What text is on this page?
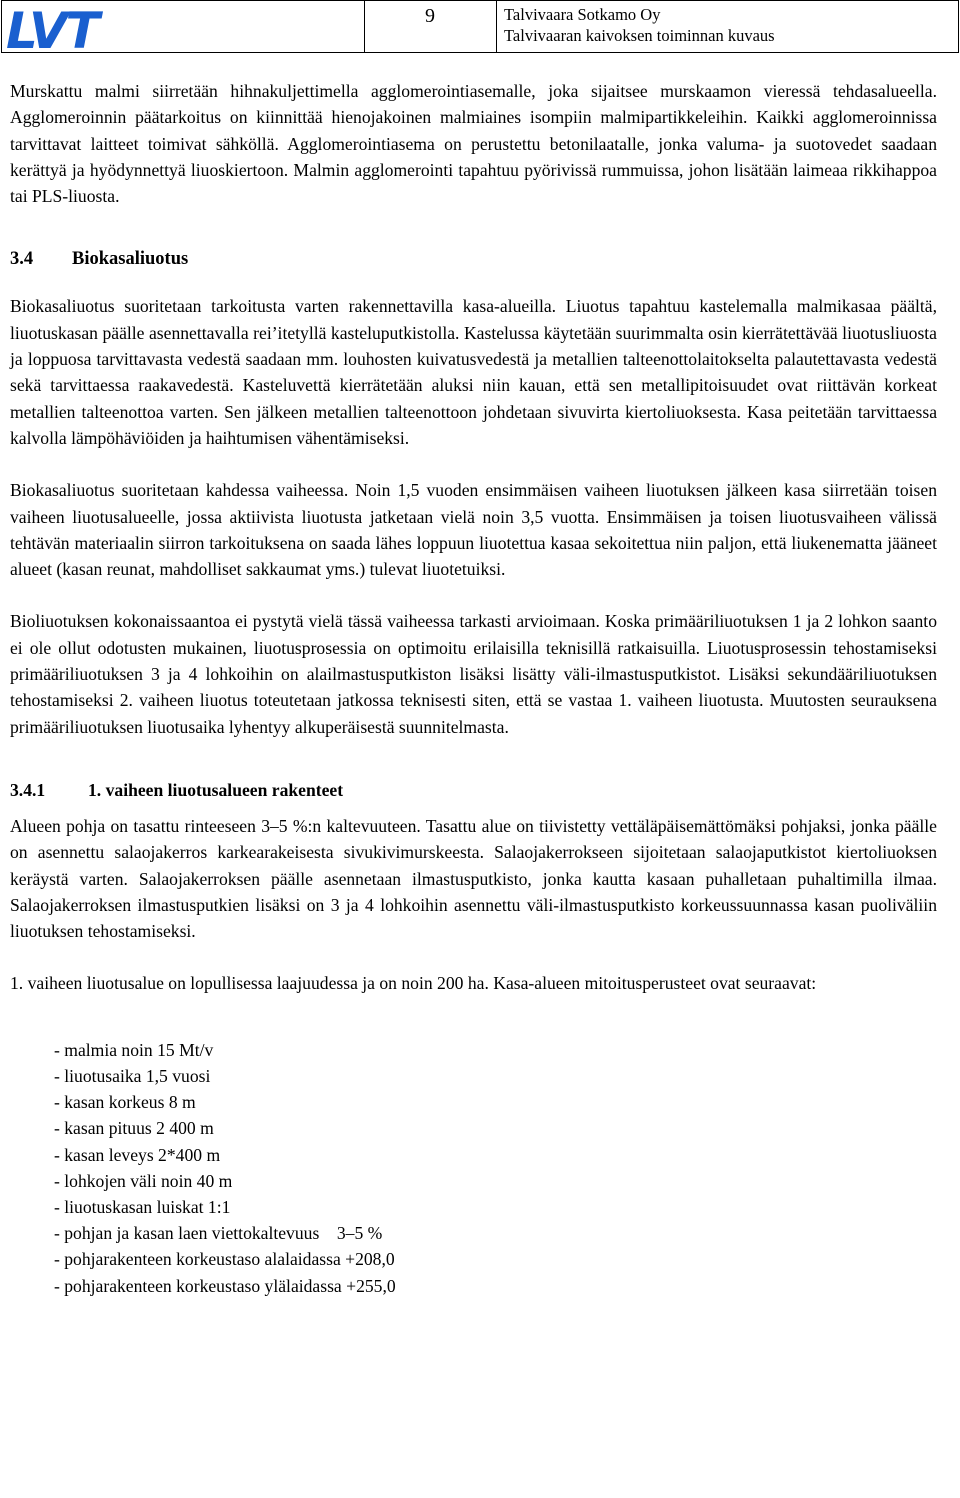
LVT	9	Talvivaara Sotkamo Oy
Talvivaaran kaivoksen toiminnan kuvaus

Murskattu malmi siirretään hihnakuljettimella agglomerointiasemalle, joka sijaitsee murskaamon vieressä tehdasalueella. Agglomeroinnin päätarkoitus on kiinnittää hienojakoinen malmiaines isompiin malmipartikkeleihin. Kaikki agglomeroinnissa tarvittavat laitteet toimivat sähköllä. Agglomerointiasema on perustettu betonilaatalle, jonka valuma- ja suotovedet saadaan kerättyä ja hyödynnettyä liuoskiertoon. Malmin agglomerointi tapahtuu pyörivissä rummuissa, johon lisätään laimeaa rikkihappoa tai PLS-liuosta.

3.4 Biokasaliuotus

Biokasaliuotus suoritetaan tarkoitusta varten rakennettavilla kasa-alueilla. Liuotus tapahtuu kastelemalla malmikasaa päältä, liuotuskasan päälle asennettavalla rei’itetyllä kasteluputkistolla. Kastelussa käytetään suurimmalta osin kierrätettävää liuotusliuosta ja loppuosa tarvittavasta vedestä saadaan mm. louhosten kuivatusvedestä ja metallien talteenottolaitokselta palautettavasta vedestä sekä tarvittaessa raakavedestä. Kasteluvettä kierrätetään aluksi niin kauan, että sen metallipitoisuudet ovat riittävän korkeat metallien talteenottoa varten. Sen jälkeen metallien talteenottoon johdetaan sivuvirta kiertoliuoksesta. Kasa peitetään tarvittaessa kalvolla lämpöhäviöiden ja haihtumisen vähentämiseksi.

Biokasaliuotus suoritetaan kahdessa vaiheessa. Noin 1,5 vuoden ensimmäisen vaiheen liuotuksen jälkeen kasa siirretään toisen vaiheen liuotusalueelle, jossa aktiivista liuotusta jatketaan vielä noin 3,5 vuotta. Ensimmäisen ja toisen liuotusvaiheen välissä tehtävän materiaalin siirron tarkoituksena on saada lähes loppuun liuotettua kasaa sekoitettua niin paljon, että liukenematta jääneet alueet (kasan reunat, mahdolliset sakkaumat yms.) tulevat liuotetuiksi.

Bioliuotuksen kokonaissaantoa ei pystytä vielä tässä vaiheessa tarkasti arvioimaan. Koska primääriliuotuksen 1 ja 2 lohkon saanto ei ole ollut odotusten mukainen, liuotusprosessia on optimoitu erilaisilla teknisillä ratkaisuilla. Liuotusprosessin tehostamiseksi primääriliuotuksen 3 ja 4 lohkoihin on alailmastusputkiston lisäksi lisätty väli-ilmastusputkistot. Lisäksi sekundääriliuotuksen tehostamiseksi 2. vaiheen liuotus toteutetaan jatkossa teknisesti siten, että se vastaa 1. vaiheen liuotusta. Muutosten seurauksena primääriliuotuksen liuotusaika lyhentyy alkuperäisestä suunnitelmasta.

3.4.1 1. vaiheen liuotusalueen rakenteet

Alueen pohja on tasattu rinteeseen 3–5 %:n kaltevuuteen. Tasattu alue on tiivistetty vettäläpäisemättömäksi pohjaksi, jonka päälle on asennettu salaojakerros karkearakeisesta sivukivimurskeesta. Salaojakerrokseen sijoitetaan salaojaputkistot kiertoliuoksen keräystä varten. Salaojakerroksen päälle asennetaan ilmastusputkisto, jonka kautta kasaan puhalletaan puhaltimilla ilmaa. Salaojakerroksen ilmastusputkien lisäksi on 3 ja 4 lohkoihin asennettu väli-ilmastusputkisto korkeussuunnassa kasan puoliväliin liuotuksen tehostamiseksi.

1. vaiheen liuotusalue on lopullisessa laajuudessa ja on noin 200 ha. Kasa-alueen mitoitusperusteet ovat seuraavat:

- malmia noin 15 Mt/v
- liuotusaika 1,5 vuosi
- kasan korkeus 8 m
- kasan pituus 2 400 m
- kasan leveys 2*400 m
- lohkojen väli noin 40 m
- liuotuskasan luiskat 1:1
- pohjan ja kasan laen viettokaltevuus    3–5 %
- pohjarakenteen korkeustaso alalaidassa +208,0
- pohjarakenteen korkeustaso ylälaidassa +255,0
